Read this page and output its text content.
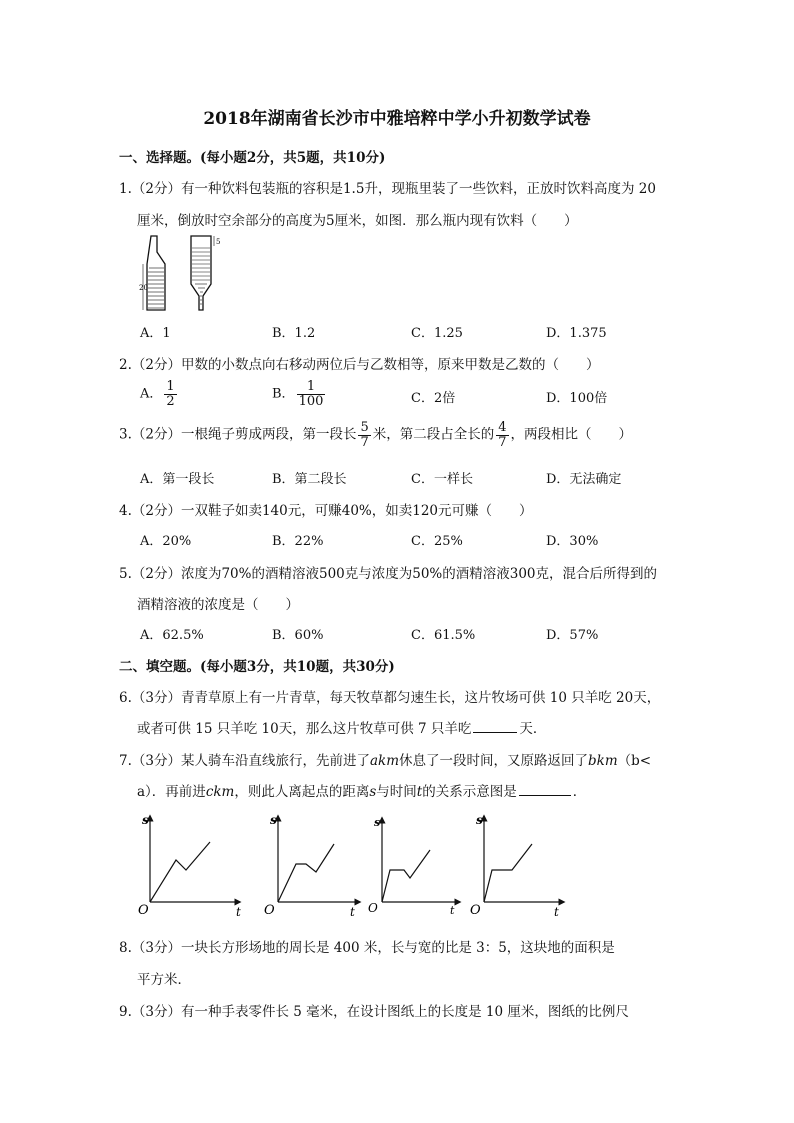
2018年湖南省长沙市中雅培粹中学小升初数学试卷
一、选择题。(每小题2分，共5题，共10分)
1.（2分）有一种饮料包装瓶的容积是1.5升，现瓶里装了一些饮料，正放时饮料高度为 20
厘米，倒放时空余部分的高度为5厘米，如图．那么瓶内现有饮料（　　）
20
5
A．1	B．1.2	C．1.25	D．1.375
2.（2分）甲数的小数点向右移动两位后与乙数相等，原来甲数是乙数的（　　）
A． $\frac{1}{2}$	B． $\frac{1}{100}$	C．2倍	D．100倍
3.（2分）一根绳子剪成两段，第一段长 $\frac{5}{7}$ 米，第二段占全长的 $\frac{4}{7}$ ，两段相比（　　）
A．第一段长	B．第二段长	C．一样长	D．无法确定
4.（2分）一双鞋子如卖140元，可赚40%，如卖120元可赚（　　）
A．20%	B．22%	C．25%	D．30%
5.（2分）浓度为70%的酒精溶液500克与浓度为50%的酒精溶液300克，混合后所得到的
酒精溶液的浓度是（　　）
A．62.5%	B．60%	C．61.5%	D．57%
二、填空题。(每小题3分，共10题，共30分)
6.（3分）青青草原上有一片青草，每天牧草都匀速生长，这片牧场可供 10 只羊吃 20天，
或者可供 15 只羊吃 10天，那么这片牧草可供 7 只羊吃	天．
7.（3分）某人骑车沿直线旅行，先前进了akm休息了一段时间，又原路返回了bkm（b<
a）．再前进ckm，则此人离起点的距离s与时间t的关系示意图是	．
s
t
O
s
t
O
s
t
O
s
t
O
8.（3分）一块长方形场地的周长是 400 米，长与宽的比是 3：5，这块地的面积是
平方米．
9.（3分）有一种手表零件长 5 毫米，在设计图纸上的长度是 10 厘米，图纸的比例尺
